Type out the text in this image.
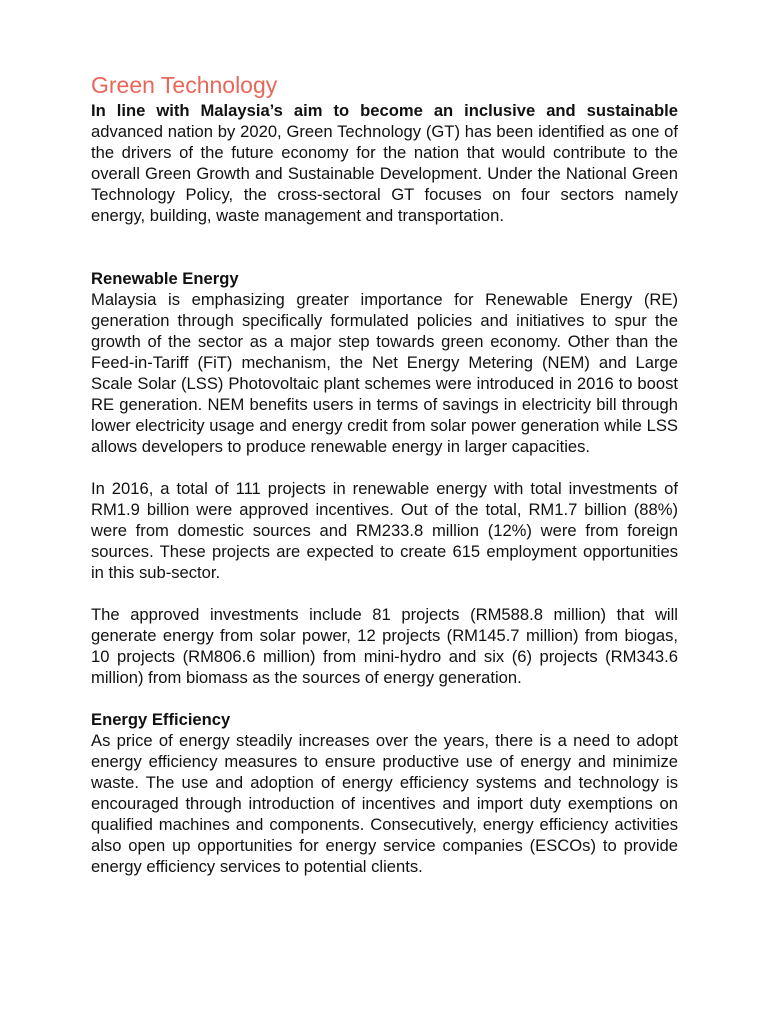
Green Technology

In line with Malaysia’s aim to become an inclusive and sustainable advanced nation by 2020, Green Technology (GT) has been identified as one of the drivers of the future economy for the nation that would contribute to the overall Green Growth and Sustainable Development. Under the National Green Technology Policy, the cross-sectoral GT focuses on four sectors namely energy, building, waste management and transportation.

Renewable Energy

Malaysia is emphasizing greater importance for Renewable Energy (RE) generation through specifically formulated policies and initiatives to spur the growth of the sector as a major step towards green economy. Other than the Feed-in-Tariff (FiT) mechanism, the Net Energy Metering (NEM) and Large Scale Solar (LSS) Photovoltaic plant schemes were introduced in 2016 to boost RE generation. NEM benefits users in terms of savings in electricity bill through lower electricity usage and energy credit from solar power generation while LSS allows developers to produce renewable energy in larger capacities.

In 2016, a total of 111 projects in renewable energy with total investments of RM1.9 billion were approved incentives. Out of the total, RM1.7 billion (88%) were from domestic sources and RM233.8 million (12%) were from foreign sources. These projects are expected to create 615 employment opportunities in this sub-sector.

The approved investments include 81 projects (RM588.8 million) that will generate energy from solar power, 12 projects (RM145.7 million) from biogas, 10 projects (RM806.6 million) from mini-hydro and six (6) projects (RM343.6 million) from biomass as the sources of energy generation.

Energy Efficiency

As price of energy steadily increases over the years, there is a need to adopt energy efficiency measures to ensure productive use of energy and minimize waste. The use and adoption of energy efficiency systems and technology is encouraged through introduction of incentives and import duty exemptions on qualified machines and components. Consecutively, energy efficiency activities also open up opportunities for energy service companies (ESCOs) to provide energy efficiency services to potential clients.
